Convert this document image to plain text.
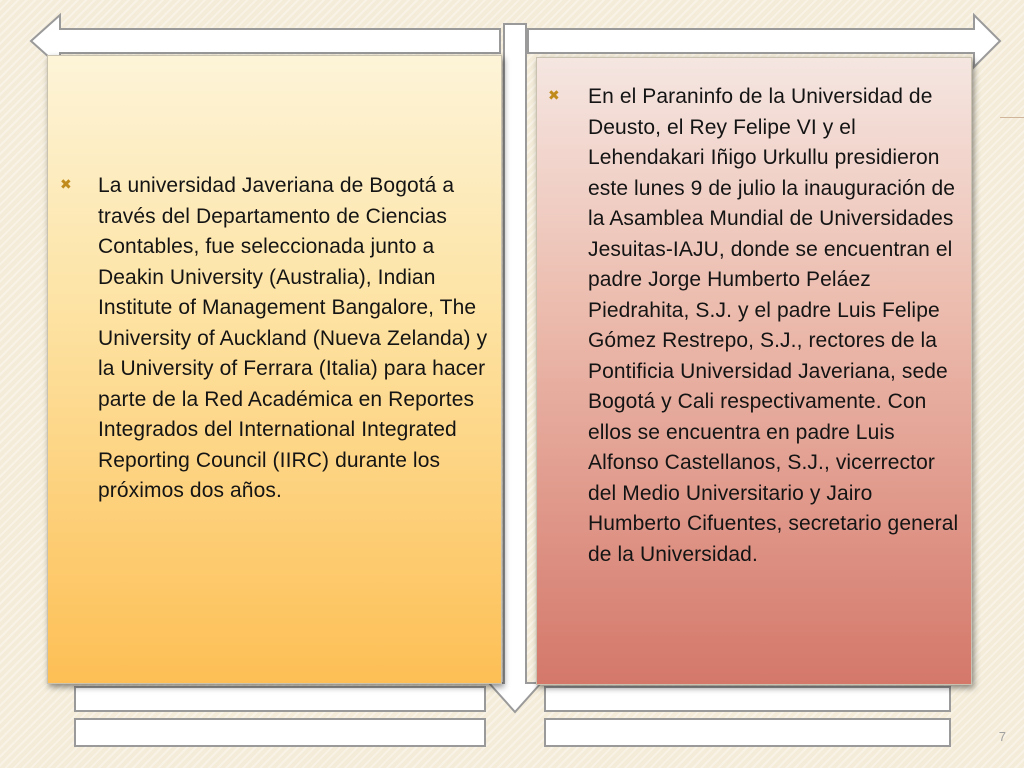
✖ La universidad Javeriana de Bogotá a través del Departamento de Ciencias Contables, fue seleccionada junto a Deakin University (Australia), Indian Institute of Management Bangalore, The University of Auckland (Nueva Zelanda) y la University of Ferrara (Italia) para hacer parte de la Red Académica en Reportes Integrados del International Integrated Reporting Council (IIRC) durante los próximos dos años.
✖ En el Paraninfo de la Universidad de Deusto, el Rey Felipe VI y el Lehendakari Iñigo Urkullu presidieron este lunes 9 de julio la inauguración de la Asamblea Mundial de Universidades Jesuitas-IAJU, donde se encuentran el padre Jorge Humberto Peláez Piedrahita, S.J. y el padre Luis Felipe Gómez Restrepo, S.J., rectores de la Pontificia Universidad Javeriana, sede Bogotá y Cali respectivamente. Con ellos se encuentra en padre Luis Alfonso Castellanos, S.J., vicerrector del Medio Universitario y Jairo Humberto Cifuentes, secretario general de la Universidad.
7
